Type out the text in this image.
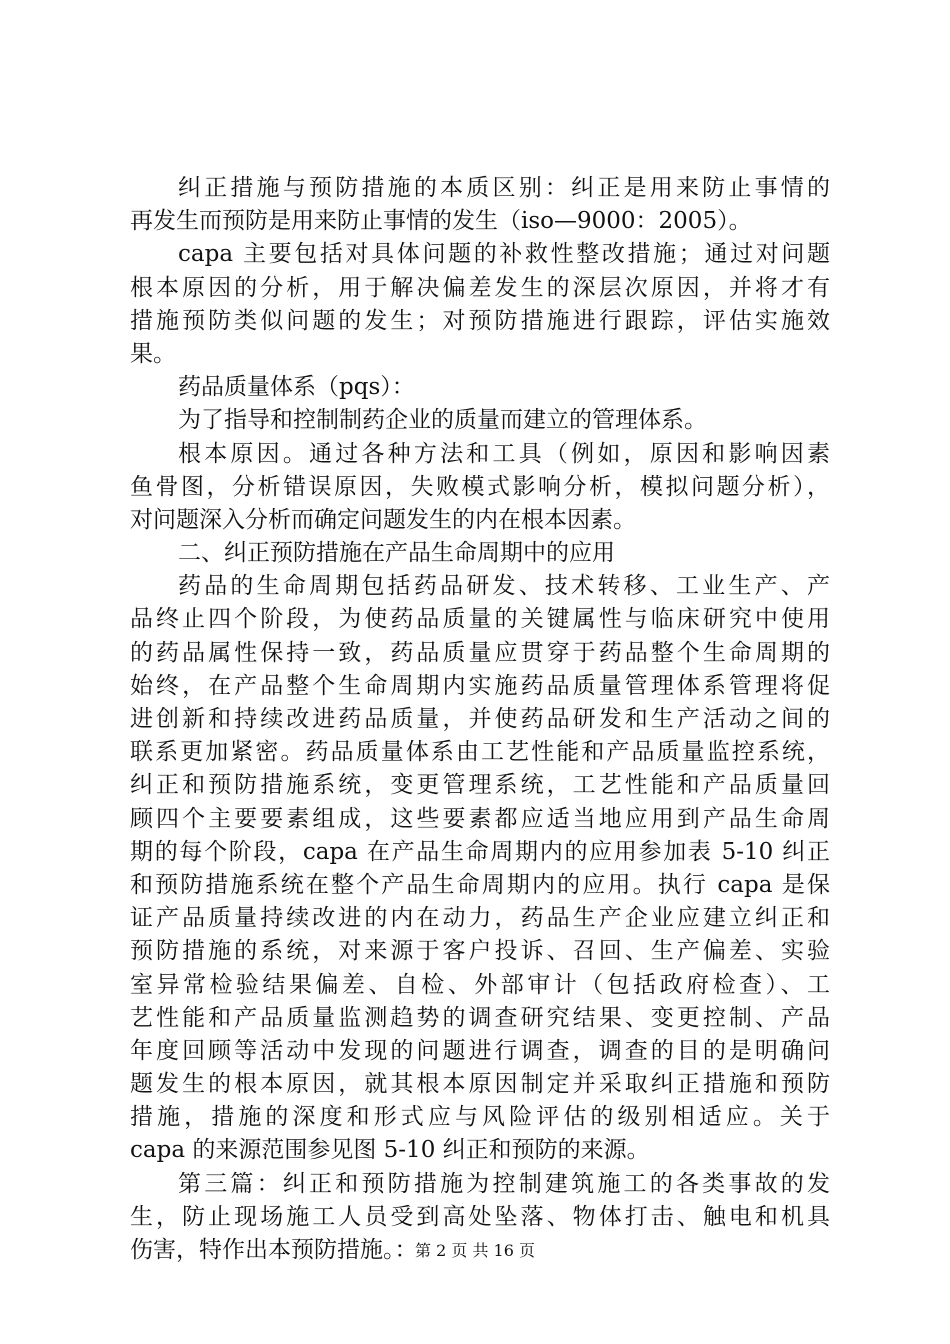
纠正措施与预防措施的本质区别：纠正是用来防止事情的
再发生而预防是用来防止事情的发生（iso—9000：2005）。
capa 主要包括对具体问题的补救性整改措施；通过对问题
根本原因的分析，用于解决偏差发生的深层次原因，并将才有
措施预防类似问题的发生；对预防措施进行跟踪，评估实施效
果。
药品质量体系（pqs）：
为了指导和控制制药企业的质量而建立的管理体系。
根本原因。通过各种方法和工具（例如，原因和影响因素
鱼骨图，分析错误原因，失败模式影响分析，模拟问题分析），
对问题深入分析而确定问题发生的内在根本因素。
二、纠正预防措施在产品生命周期中的应用
药品的生命周期包括药品研发、技术转移、工业生产、产
品终止四个阶段，为使药品质量的关键属性与临床研究中使用
的药品属性保持一致，药品质量应贯穿于药品整个生命周期的
始终，在产品整个生命周期内实施药品质量管理体系管理将促
进创新和持续改进药品质量，并使药品研发和生产活动之间的
联系更加紧密。药品质量体系由工艺性能和产品质量监控系统，
纠正和预防措施系统，变更管理系统，工艺性能和产品质量回
顾四个主要要素组成，这些要素都应适当地应用到产品生命周
期的每个阶段，capa 在产品生命周期内的应用参加表 5-10 纠正
和预防措施系统在整个产品生命周期内的应用。执行 capa 是保
证产品质量持续改进的内在动力，药品生产企业应建立纠正和
预防措施的系统，对来源于客户投诉、召回、生产偏差、实验
室异常检验结果偏差、自检、外部审计（包括政府检查）、工
艺性能和产品质量监测趋势的调查研究结果、变更控制、产品
年度回顾等活动中发现的问题进行调查，调查的目的是明确问
题发生的根本原因，就其根本原因制定并采取纠正措施和预防
措施，措施的深度和形式应与风险评估的级别相适应。关于
capa 的来源范围参见图 5-10 纠正和预防的来源。
第三篇：纠正和预防措施为控制建筑施工的各类事故的发
生，防止现场施工人员受到高处坠落、物体打击、触电和机具
伤害，特作出本预防措施。：
第 2 页 共 16 页
